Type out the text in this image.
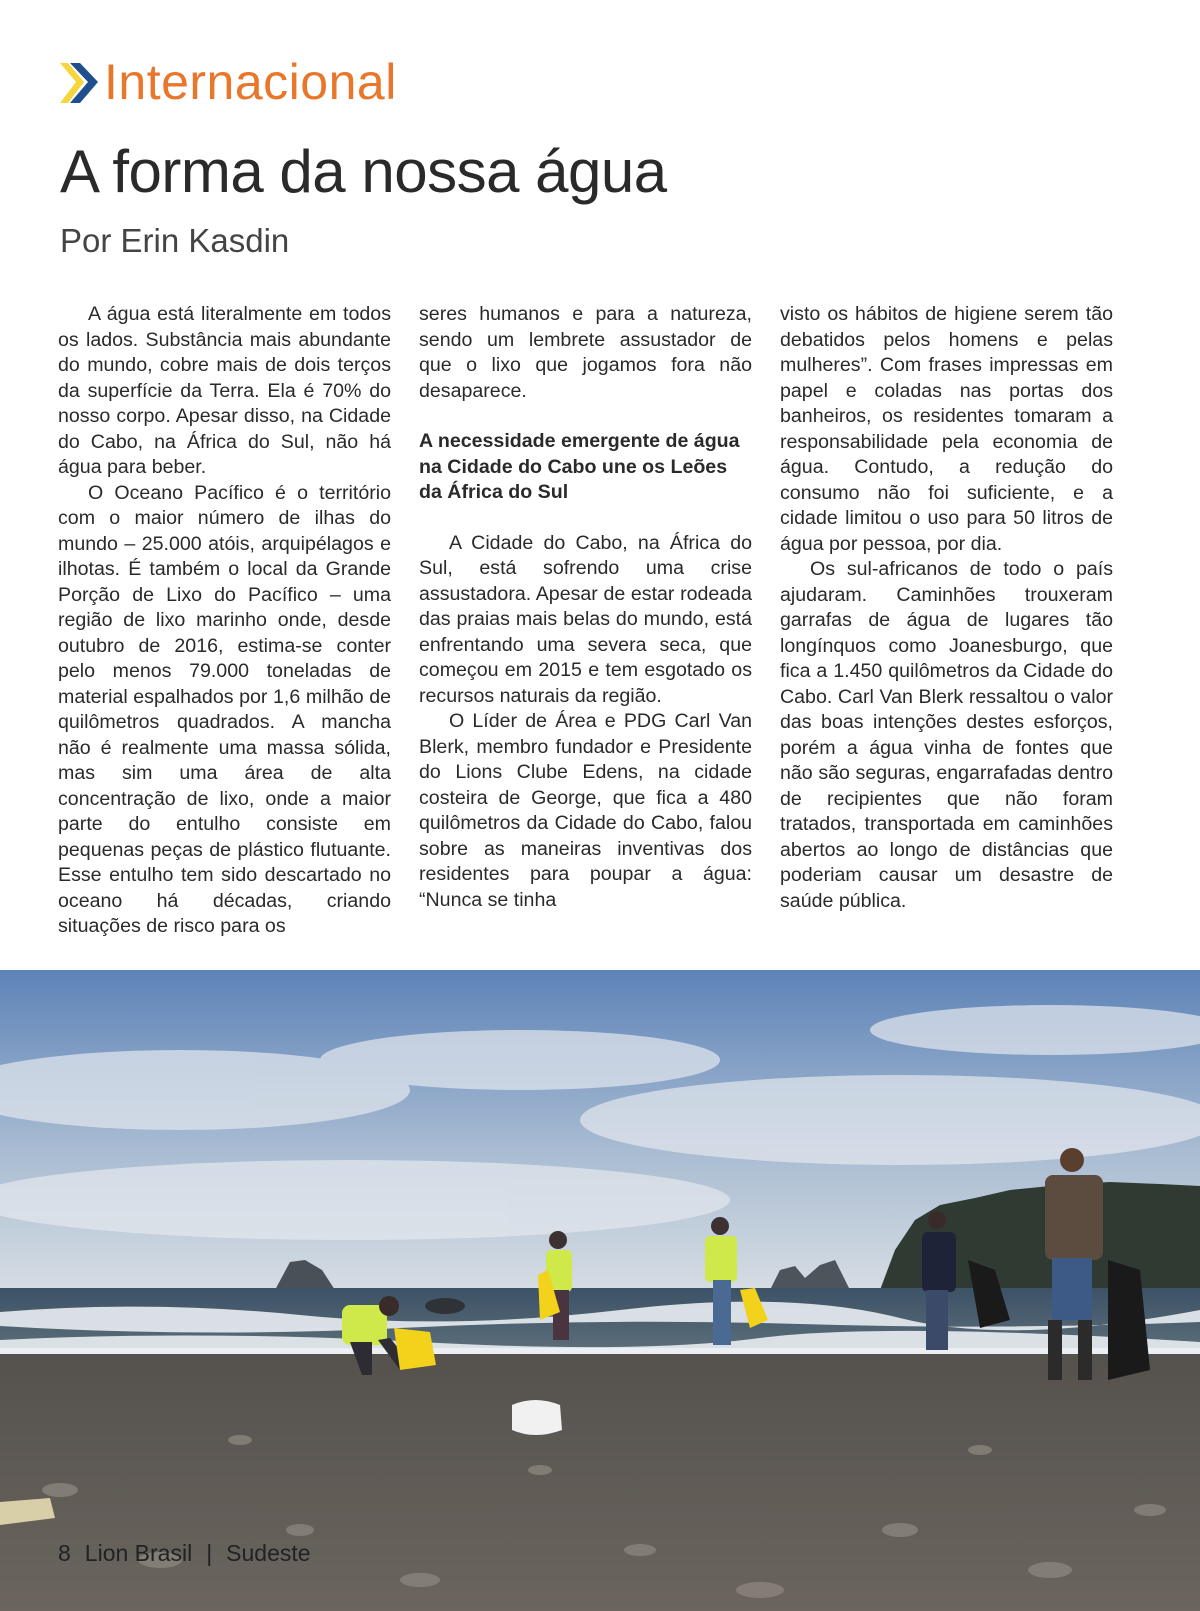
Internacional
A forma da nossa água
Por Erin Kasdin

A água está literalmente em todos os lados. Substância mais abundante do mundo, cobre mais de dois terços da superfície da Terra. Ela é 70% do nosso corpo. Apesar disso, na Cidade do Cabo, na África do Sul, não há água para beber.

O Oceano Pacífico é o território com o maior número de ilhas do mundo – 25.000 atóis, arquipélagos e ilhotas. É também o local da Grande Porção de Lixo do Pacífico – uma região de lixo marinho onde, desde outubro de 2016, estima-se conter pelo menos 79.000 toneladas de material espalhados por 1,6 milhão de quilômetros quadrados. A mancha não é realmente uma massa sólida, mas sim uma área de alta concentração de lixo, onde a maior parte do entulho consiste em pequenas peças de plástico flutuante. Esse entulho tem sido descartado no oceano há décadas, criando situações de risco para os

seres humanos e para a natureza, sendo um lembrete assustador de que o lixo que jogamos fora não desaparece.

A necessidade emergente de água na Cidade do Cabo une os Leões da África do Sul

A Cidade do Cabo, na África do Sul, está sofrendo uma crise assustadora. Apesar de estar rodeada das praias mais belas do mundo, está enfrentando uma severa seca, que começou em 2015 e tem esgotado os recursos naturais da região.

O Líder de Área e PDG Carl Van Blerk, membro fundador e Presidente do Lions Clube Edens, na cidade costeira de George, que fica a 480 quilômetros da Cidade do Cabo, falou sobre as maneiras inventivas dos residentes para poupar a água: “Nunca se tinha

visto os hábitos de higiene serem tão debatidos pelos homens e pelas mulheres”. Com frases impressas em papel e coladas nas portas dos banheiros, os residentes tomaram a responsabilidade pela economia de água. Contudo, a redução do consumo não foi suficiente, e a cidade limitou o uso para 50 litros de água por pessoa, por dia.

Os sul-africanos de todo o país ajudaram. Caminhões trouxeram garrafas de água de lugares tão longínquos como Joanesburgo, que fica a 1.450 quilômetros da Cidade do Cabo. Carl Van Blerk ressaltou o valor das boas intenções destes esforços, porém a água vinha de fontes que não são seguras, engarrafadas dentro de recipientes que não foram tratados, transportada em caminhões abertos ao longo de distâncias que poderiam causar um desastre de saúde pública.

8 Lion Brasil | Sudeste
